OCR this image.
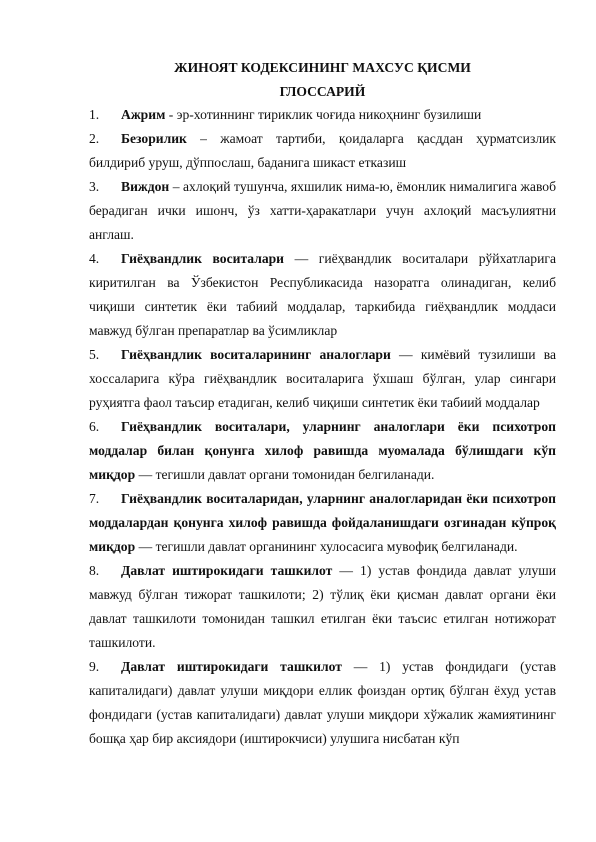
ЖИНОЯТ КОДЕКСИНИНГ МАХСУС ҚИСМИ

ГЛОССАРИЙ

1. Ажрим - эр-хотиннинг тириклик чоғида никоҳнинг бузилиши

2. Безорилик – жамоат тартиби, қоидаларга қасддан ҳурматсизлик билдириб уруш, дўппослаш, баданига шикаст етказиш

3. Виждон – ахлоқий тушунча, яхшилик нима-ю, ёмонлик нималигига жавоб берадиган ички ишонч, ўз хатти-ҳаракатлари учун ахлоқий масъулиятни англаш.

4. Гиёҳвандлик воситалари — гиёҳвандлик воситалари рўйхатларига киритилган ва Ўзбекистон Республикасида назоратга олинадиган, келиб чиқиши синтетик ёки табиий моддалар, таркибида гиёҳвандлик моддаси мавжуд бўлган препаратлар ва ўсимликлар

5. Гиёҳвандлик воситаларининг аналоглари — кимёвий тузилиши ва хоссаларига кўра гиёҳвандлик воситаларига ўхшаш бўлган, улар сингари руҳиятга фаол таъсир етадиган, келиб чиқиши синтетик ёки табиий моддалар

6. Гиёҳвандлик воситалари, уларнинг аналоглари ёки психотроп моддалар билан қонунга хилоф равишда муомалада бўлишдаги кўп миқдор — тегишли давлат органи томонидан белгиланади.

7. Гиёҳвандлик воситаларидан, уларнинг аналогларидан ёки психотроп моддалардан қонунга хилоф равишда фойдаланишдаги озгинадан кўпроқ миқдор — тегишли давлат органининг хулосасига мувофиқ белгиланади.

8. Давлат иштирокидаги ташкилот — 1) устав фондида давлат улуши мавжуд бўлган тижорат ташкилоти; 2) тўлиқ ёки қисман давлат органи ёки давлат ташкилоти томонидан ташкил етилган ёки таъсис етилган нотижорат ташкилоти.

9. Давлат иштирокидаги ташкилот — 1) устав фондидаги (устав капиталидаги) давлат улуши миқдори еллик фоиздан ортиқ бўлган ёхуд устав фондидаги (устав капиталидаги) давлат улуши миқдори хўжалик жамиятининг бошқа ҳар бир аксиядори (иштирокчиси) улушига нисбатан кўп
